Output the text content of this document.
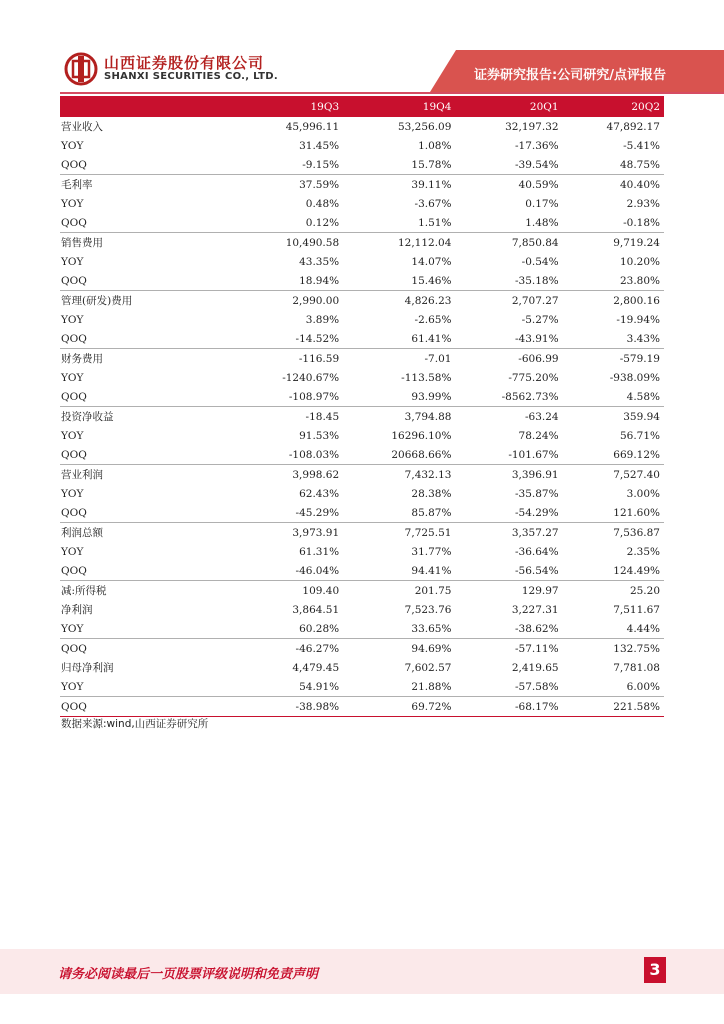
山西证券股份有限公司
SHANXI SECURITIES CO., LTD.	证券研究报告:公司研究/点评报告
	19Q3	19Q4	20Q1	20Q2
营业收入	45,996.11	53,256.09	32,197.32	47,892.17
YOY	31.45%	1.08%	-17.36%	-5.41%
QOQ	-9.15%	15.78%	-39.54%	48.75%
毛利率	37.59%	39.11%	40.59%	40.40%
YOY	0.48%	-3.67%	0.17%	2.93%
QOQ	0.12%	1.51%	1.48%	-0.18%
销售费用	10,490.58	12,112.04	7,850.84	9,719.24
YOY	43.35%	14.07%	-0.54%	10.20%
QOQ	18.94%	15.46%	-35.18%	23.80%
管理(研发)费用	2,990.00	4,826.23	2,707.27	2,800.16
YOY	3.89%	-2.65%	-5.27%	-19.94%
QOQ	-14.52%	61.41%	-43.91%	3.43%
财务费用	-116.59	-7.01	-606.99	-579.19
YOY	-1240.67%	-113.58%	-775.20%	-938.09%
QOQ	-108.97%	93.99%	-8562.73%	4.58%
投资净收益	-18.45	3,794.88	-63.24	359.94
YOY	91.53%	16296.10%	78.24%	56.71%
QOQ	-108.03%	20668.66%	-101.67%	669.12%
营业利润	3,998.62	7,432.13	3,396.91	7,527.40
YOY	62.43%	28.38%	-35.87%	3.00%
QOQ	-45.29%	85.87%	-54.29%	121.60%
利润总额	3,973.91	7,725.51	3,357.27	7,536.87
YOY	61.31%	31.77%	-36.64%	2.35%
QOQ	-46.04%	94.41%	-56.54%	124.49%
减:所得税	109.40	201.75	129.97	25.20
净利润	3,864.51	7,523.76	3,227.31	7,511.67
YOY	60.28%	33.65%	-38.62%	4.44%
QOQ	-46.27%	94.69%	-57.11%	132.75%
归母净利润	4,479.45	7,602.57	2,419.65	7,781.08
YOY	54.91%	21.88%	-57.58%	6.00%
QOQ	-38.98%	69.72%	-68.17%	221.58%
数据来源:wind,山西证券研究所
请务必阅读最后一页股票评级说明和免责声明	3
